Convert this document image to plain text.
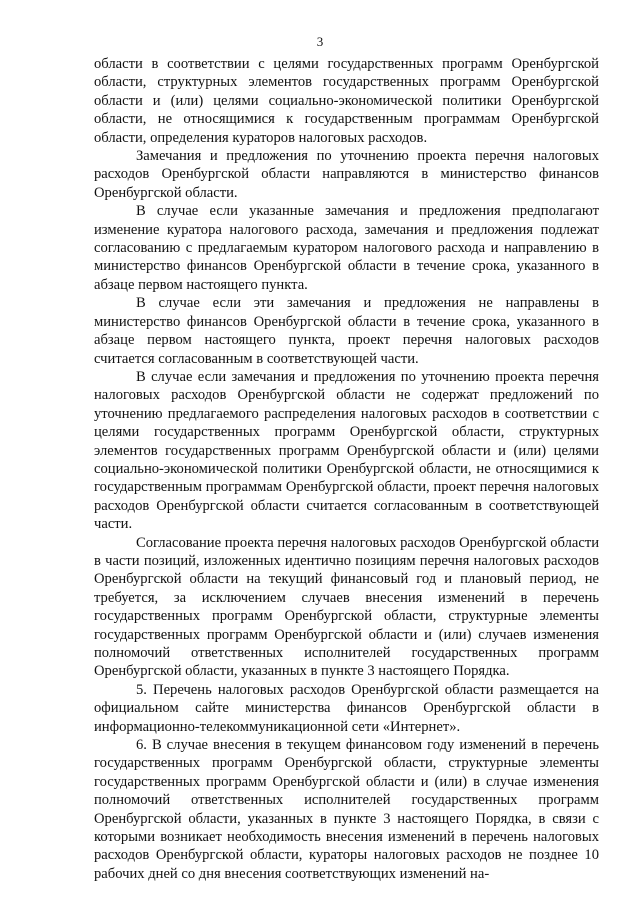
3

области в соответствии с целями государственных программ Оренбургской области, структурных элементов государственных программ Оренбургской области и (или) целями социально-экономической политики Оренбургской области, не относящимися к государственным программам Оренбургской области, определения кураторов налоговых расходов.

Замечания и предложения по уточнению проекта перечня налоговых расходов Оренбургской области направляются в министерство финансов Оренбургской области.

В случае если указанные замечания и предложения предполагают изменение куратора налогового расхода, замечания и предложения подлежат согласованию с предлагаемым куратором налогового расхода и направлению в министерство финансов Оренбургской области в течение срока, указанного в абзаце первом настоящего пункта.

В случае если эти замечания и предложения не направлены в министерство финансов Оренбургской области в течение срока, указанного в абзаце первом настоящего пункта, проект перечня налоговых расходов считается согласованным в соответствующей части.

В случае если замечания и предложения по уточнению проекта перечня налоговых расходов Оренбургской области не содержат предложений по уточнению предлагаемого распределения налоговых расходов в соответствии с целями государственных программ Оренбургской области, структурных элементов государственных программ Оренбургской области и (или) целями социально-экономической политики Оренбургской области, не относящимися к государственным программам Оренбургской области, проект перечня налоговых расходов Оренбургской области считается согласованным в соответствующей части.

Согласование проекта перечня налоговых расходов Оренбургской области в части позиций, изложенных идентично позициям перечня налоговых расходов Оренбургской области на текущий финансовый год и плановый период, не требуется, за исключением случаев внесения изменений в перечень государственных программ Оренбургской области, структурные элементы государственных программ Оренбургской области и (или) случаев изменения полномочий ответственных исполнителей государственных программ Оренбургской области, указанных в пункте 3 настоящего Порядка.

5. Перечень налоговых расходов Оренбургской области размещается на официальном сайте министерства финансов Оренбургской области в информационно-телекоммуникационной сети «Интернет».

6. В случае внесения в текущем финансовом году изменений в перечень государственных программ Оренбургской области, структурные элементы государственных программ Оренбургской области и (или) в случае изменения полномочий ответственных исполнителей государственных программ Оренбургской области, указанных в пункте 3 настоящего Порядка, в связи с которыми возникает необходимость внесения изменений в перечень налоговых расходов Оренбургской области, кураторы налоговых расходов не позднее 10 рабочих дней со дня внесения соответствующих изменений на-
